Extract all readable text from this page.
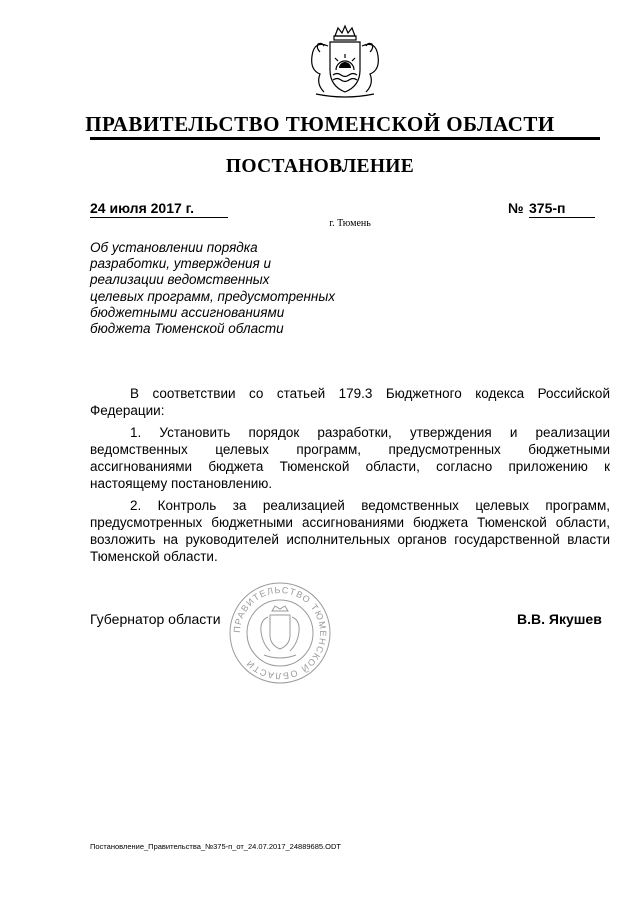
ПРАВИТЕЛЬСТВО ТЮМЕНСКОЙ ОБЛАСТИ
ПОСТАНОВЛЕНИЕ
24 июля 2017 г.	№ 375-п
г. Тюмень
Об установлении порядка
разработки, утверждения и
реализации ведомственных
целевых программ, предусмотренных
бюджетными ассигнованиями
бюджета Тюменской области

В соответствии со статьей 179.3 Бюджетного кодекса Российской Федерации:

1. Установить порядок разработки, утверждения и реализации ведомственных целевых программ, предусмотренных бюджетными ассигнованиями бюджета Тюменской области, согласно приложению к настоящему постановлению.

2. Контроль за реализацией ведомственных целевых программ, предусмотренных бюджетными ассигнованиями бюджета Тюменской области, возложить на руководителей исполнительных органов государственной власти Тюменской области.

Губернатор области
ПРАВИТЕЛЬСТВО ТЮМЕНСКОЙ ОБЛАСТИ
В.В. Якушев
Постановление_Правительства_№375-п_от_24.07.2017_24889685.ODT
